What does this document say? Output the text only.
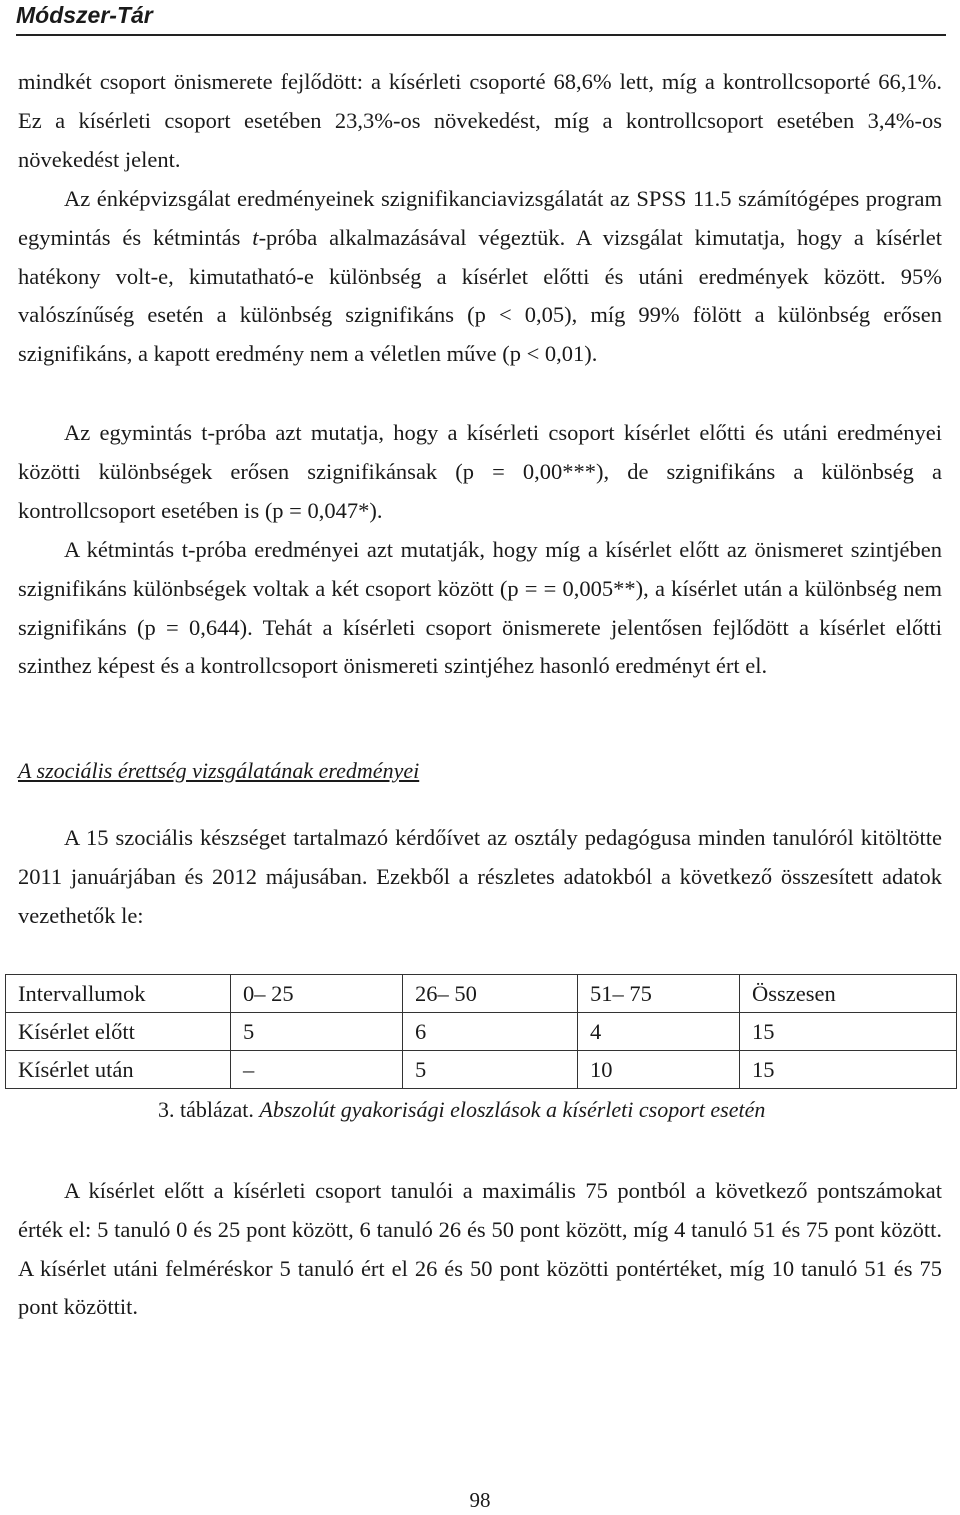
Módszer-Tár

mindkét csoport önismerete fejlődött: a kísérleti csoporté 68,6% lett, míg a kontrollcsoporté 66,1%. Ez a kísérleti csoport esetében 23,3%-os növekedést, míg a kontrollcsoport esetében 3,4%-os növekedést jelent.

Az énképvizsgálat eredményeinek szignifikanciavizsgálatát az SPSS 11.5 számítógépes program egymintás és kétmintás t-próba alkalmazásával végeztük. A vizsgálat kimutatja, hogy a kísérlet hatékony volt-e, kimutatható-e különbség a kísérlet előtti és utáni eredmények között. 95% valószínűség esetén a különbség szignifikáns (p < 0,05), míg 99% fölött a különbség erősen szignifikáns, a kapott eredmény nem a véletlen műve (p < 0,01).

Az egymintás t-próba azt mutatja, hogy a kísérleti csoport kísérlet előtti és utáni eredményei közötti különbségek erősen szignifikánsak (p = 0,00***), de szignifikáns a különbség a kontrollcsoport esetében is (p = 0,047*).

A kétmintás t-próba eredményei azt mutatják, hogy míg a kísérlet előtt az önismeret szintjében szignifikáns különbségek voltak a két csoport között (p = = 0,005**), a kísérlet után a különbség nem szignifikáns (p = 0,644). Tehát a kísérleti csoport önismerete jelentősen fejlődött a kísérlet előtti szinthez képest és a kontrollcsoport önismereti szintjéhez hasonló eredményt ért el.

A szociális érettség vizsgálatának eredményei

A 15 szociális készséget tartalmazó kérdőívet az osztály pedagógusa minden tanulóról kitöltötte 2011 januárjában és 2012 májusában. Ezekből a részletes adatokból a következő összesített adatok vezethetők le:

Intervallumok	0– 25	26– 50	51– 75	Összesen
Kísérlet előtt	5	6	4	15
Kísérlet után	–	5	10	15

3. táblázat. Abszolút gyakorisági eloszlások a kísérleti csoport esetén

A kísérlet előtt a kísérleti csoport tanulói a maximális 75 pontból a következő pontszámokat érték el: 5 tanuló 0 és 25 pont között, 6 tanuló 26 és 50 pont között, míg 4 tanuló 51 és 75 pont között. A kísérlet utáni felméréskor 5 tanuló ért el 26 és 50 pont közötti pontértéket, míg 10 tanuló 51 és 75 pont közöttit.

98
